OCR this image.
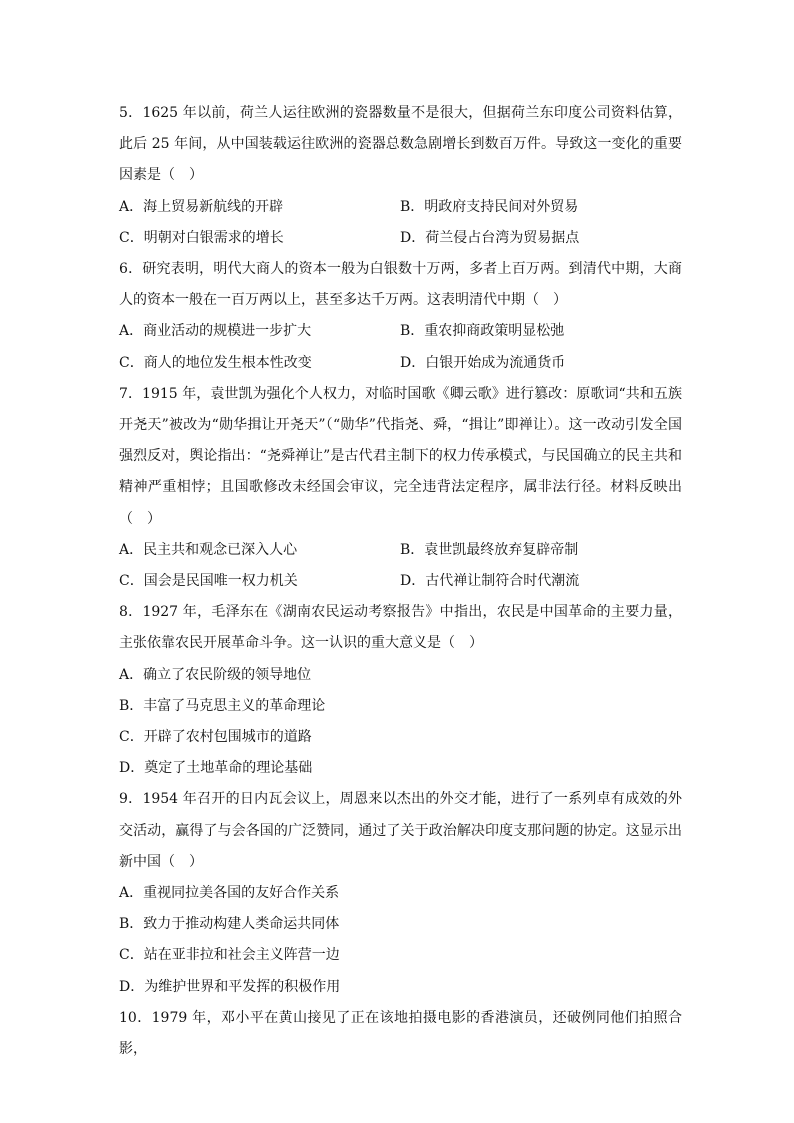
5．1625 年以前，荷兰人运往欧洲的瓷器数量不是很大，但据荷兰东印度公司资料估算，此后 25 年间，从中国装载运往欧洲的瓷器总数急剧增长到数百万件。导致这一变化的重要因素是（　）

A．海上贸易新航线的开辟	B．明政府支持民间对外贸易
C．明朝对白银需求的增长	D．荷兰侵占台湾为贸易据点

6．研究表明，明代大商人的资本一般为白银数十万两，多者上百万两。到清代中期，大商人的资本一般在一百万两以上，甚至多达千万两。这表明清代中期（　）

A．商业活动的规模进一步扩大	B．重农抑商政策明显松弛
C．商人的地位发生根本性改变	D．白银开始成为流通货币

7．1915 年，袁世凯为强化个人权力，对临时国歌《卿云歌》进行篡改：原歌词“共和五族开尧天”被改为“勋华揖让开尧天”（“勋华”代指尧、舜，“揖让”即禅让）。这一改动引发全国强烈反对，舆论指出：“尧舜禅让”是古代君主制下的权力传承模式，与民国确立的民主共和精神严重相悖；且国歌修改未经国会审议，完全违背法定程序，属非法行径。材料反映出（　）

A．民主共和观念已深入人心	B．袁世凯最终放弃复辟帝制
C．国会是民国唯一权力机关	D．古代禅让制符合时代潮流

8．1927 年，毛泽东在《湖南农民运动考察报告》中指出，农民是中国革命的主要力量，主张依靠农民开展革命斗争。这一认识的重大意义是（　）

A．确立了农民阶级的领导地位
B．丰富了马克思主义的革命理论
C．开辟了农村包围城市的道路
D．奠定了土地革命的理论基础

9．1954 年召开的日内瓦会议上，周恩来以杰出的外交才能，进行了一系列卓有成效的外交活动，赢得了与会各国的广泛赞同，通过了关于政治解决印度支那问题的协定。这显示出新中国（　）

A．重视同拉美各国的友好合作关系
B．致力于推动构建人类命运共同体
C．站在亚非拉和社会主义阵营一边
D．为维护世界和平发挥的积极作用

10．1979 年，邓小平在黄山接见了正在该地拍摄电影的香港演员，还破例同他们拍照合影，
